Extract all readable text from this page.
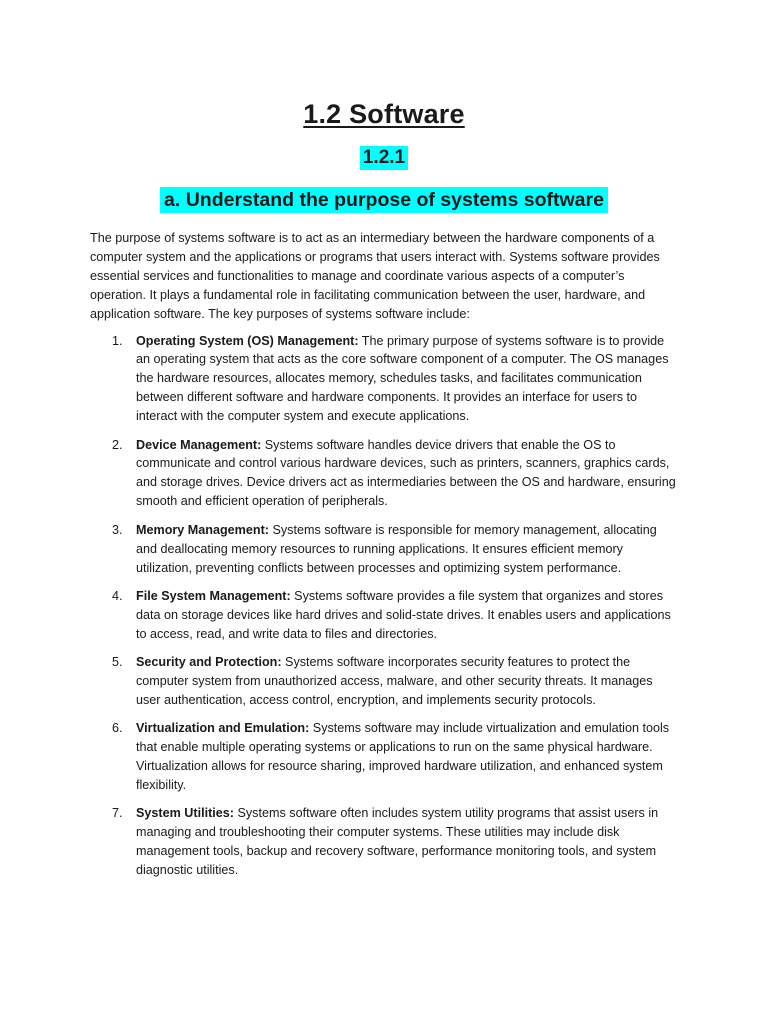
1.2 Software
1.2.1
a. Understand the purpose of systems software

The purpose of systems software is to act as an intermediary between the hardware components of a computer system and the applications or programs that users interact with. Systems software provides essential services and functionalities to manage and coordinate various aspects of a computer’s operation. It plays a fundamental role in facilitating communication between the user, hardware, and application software. The key purposes of systems software include:

1. Operating System (OS) Management: The primary purpose of systems software is to provide an operating system that acts as the core software component of a computer. The OS manages the hardware resources, allocates memory, schedules tasks, and facilitates communication between different software and hardware components. It provides an interface for users to interact with the computer system and execute applications.
2. Device Management: Systems software handles device drivers that enable the OS to communicate and control various hardware devices, such as printers, scanners, graphics cards, and storage drives. Device drivers act as intermediaries between the OS and hardware, ensuring smooth and efficient operation of peripherals.
3. Memory Management: Systems software is responsible for memory management, allocating and deallocating memory resources to running applications. It ensures efficient memory utilization, preventing conflicts between processes and optimizing system performance.
4. File System Management: Systems software provides a file system that organizes and stores data on storage devices like hard drives and solid-state drives. It enables users and applications to access, read, and write data to files and directories.
5. Security and Protection: Systems software incorporates security features to protect the computer system from unauthorized access, malware, and other security threats. It manages user authentication, access control, encryption, and implements security protocols.
6. Virtualization and Emulation: Systems software may include virtualization and emulation tools that enable multiple operating systems or applications to run on the same physical hardware. Virtualization allows for resource sharing, improved hardware utilization, and enhanced system flexibility.
7. System Utilities: Systems software often includes system utility programs that assist users in managing and troubleshooting their computer systems. These utilities may include disk management tools, backup and recovery software, performance monitoring tools, and system diagnostic utilities.
